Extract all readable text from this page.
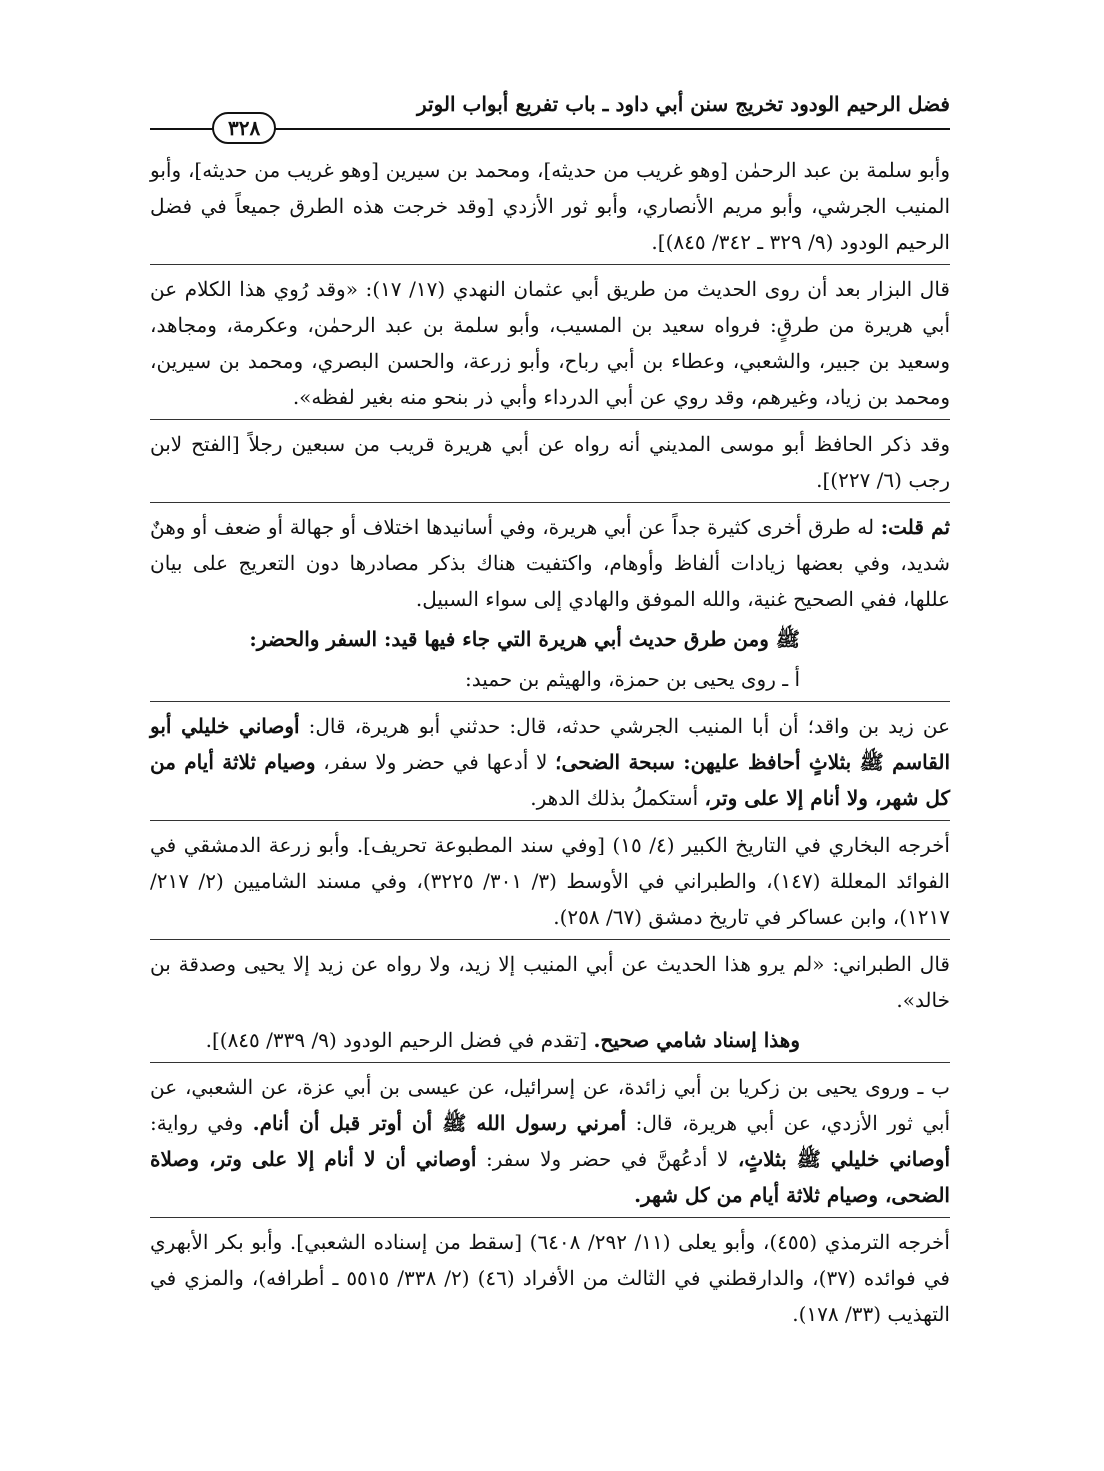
فضل الرحيم الودود تخريج سنن أبي داود ـ باب تفريع أبواب الوتر
٣٢٨

وأبو سلمة بن عبد الرحمٰن [وهو غريب من حديثه]، ومحمد بن سيرين [وهو غريب من حديثه]، وأبو المنيب الجرشي، وأبو مريم الأنصاري، وأبو ثور الأزدي [وقد خرجت هذه الطرق جميعاً في فضل الرحيم الودود (٩/ ٣٢٩ ـ ٣٤٢/ ٨٤٥)].

قال البزار بعد أن روى الحديث من طريق أبي عثمان النهدي (١٧/ ١٧): «وقد رُوي هذا الكلام عن أبي هريرة من طرقٍ: فرواه سعيد بن المسيب، وأبو سلمة بن عبد الرحمٰن، وعكرمة، ومجاهد، وسعيد بن جبير، والشعبي، وعطاء بن أبي رباح، وأبو زرعة، والحسن البصري، ومحمد بن سيرين، ومحمد بن زياد، وغيرهم، وقد روي عن أبي الدرداء وأبي ذر بنحو منه بغير لفظه».

وقد ذكر الحافظ أبو موسى المديني أنه رواه عن أبي هريرة قريب من سبعين رجلاً [الفتح لابن رجب (٦/ ٢٢٧)].

ثم قلت: له طرق أخرى كثيرة جداً عن أبي هريرة، وفي أسانيدها اختلاف أو جهالة أو ضعف أو وهنٌ شديد، وفي بعضها زيادات ألفاظ وأوهام، واكتفيت هناك بذكر مصادرها دون التعريج على بيان عللها، ففي الصحيح غنية، والله الموفق والهادي إلى سواء السبيل.

ﷺ ومن طرق حديث أبي هريرة التي جاء فيها قيد: السفر والحضر:

أ ـ روى يحيى بن حمزة، والهيثم بن حميد:

عن زيد بن واقد؛ أن أبا المنيب الجرشي حدثه، قال: حدثني أبو هريرة، قال: أوصاني خليلي أبو القاسم ﷺ بثلاثٍ أحافظ عليهن: سبحة الضحى؛ لا أدعها في حضر ولا سفر، وصيام ثلاثة أيام من كل شهر، ولا أنام إلا على وتر، أستكملُ بذلك الدهر.

أخرجه البخاري في التاريخ الكبير (٤/ ١٥) [وفي سند المطبوعة تحريف]. وأبو زرعة الدمشقي في الفوائد المعللة (١٤٧)، والطبراني في الأوسط (٣/ ٣٠١/ ٣٢٢٥)، وفي مسند الشاميين (٢/ ٢١٧/ ١٢١٧)، وابن عساكر في تاريخ دمشق (٦٧/ ٢٥٨).

قال الطبراني: «لم يرو هذا الحديث عن أبي المنيب إلا زيد، ولا رواه عن زيد إلا يحيى وصدقة بن خالد».

وهذا إسناد شامي صحيح. [تقدم في فضل الرحيم الودود (٩/ ٣٣٩/ ٨٤٥)].

ب ـ وروى يحيى بن زكريا بن أبي زائدة، عن إسرائيل، عن عيسى بن أبي عزة، عن الشعبي، عن أبي ثور الأزدي، عن أبي هريرة، قال: أمرني رسول الله ﷺ أن أوتر قبل أن أنام. وفي رواية: أوصاني خليلي ﷺ بثلاثٍ، لا أدعُهنَّ في حضر ولا سفر: أوصاني أن لا أنام إلا على وتر، وصلاة الضحى، وصيام ثلاثة أيام من كل شهر.

أخرجه الترمذي (٤٥٥)، وأبو يعلى (١١/ ٢٩٢/ ٦٤٠٨) [سقط من إسناده الشعبي]. وأبو بكر الأبهري في فوائده (٣٧)، والدارقطني في الثالث من الأفراد (٤٦) (٢/ ٣٣٨/ ٥٥١٥ ـ أطرافه)، والمزي في التهذيب (٣٣/ ١٧٨).
